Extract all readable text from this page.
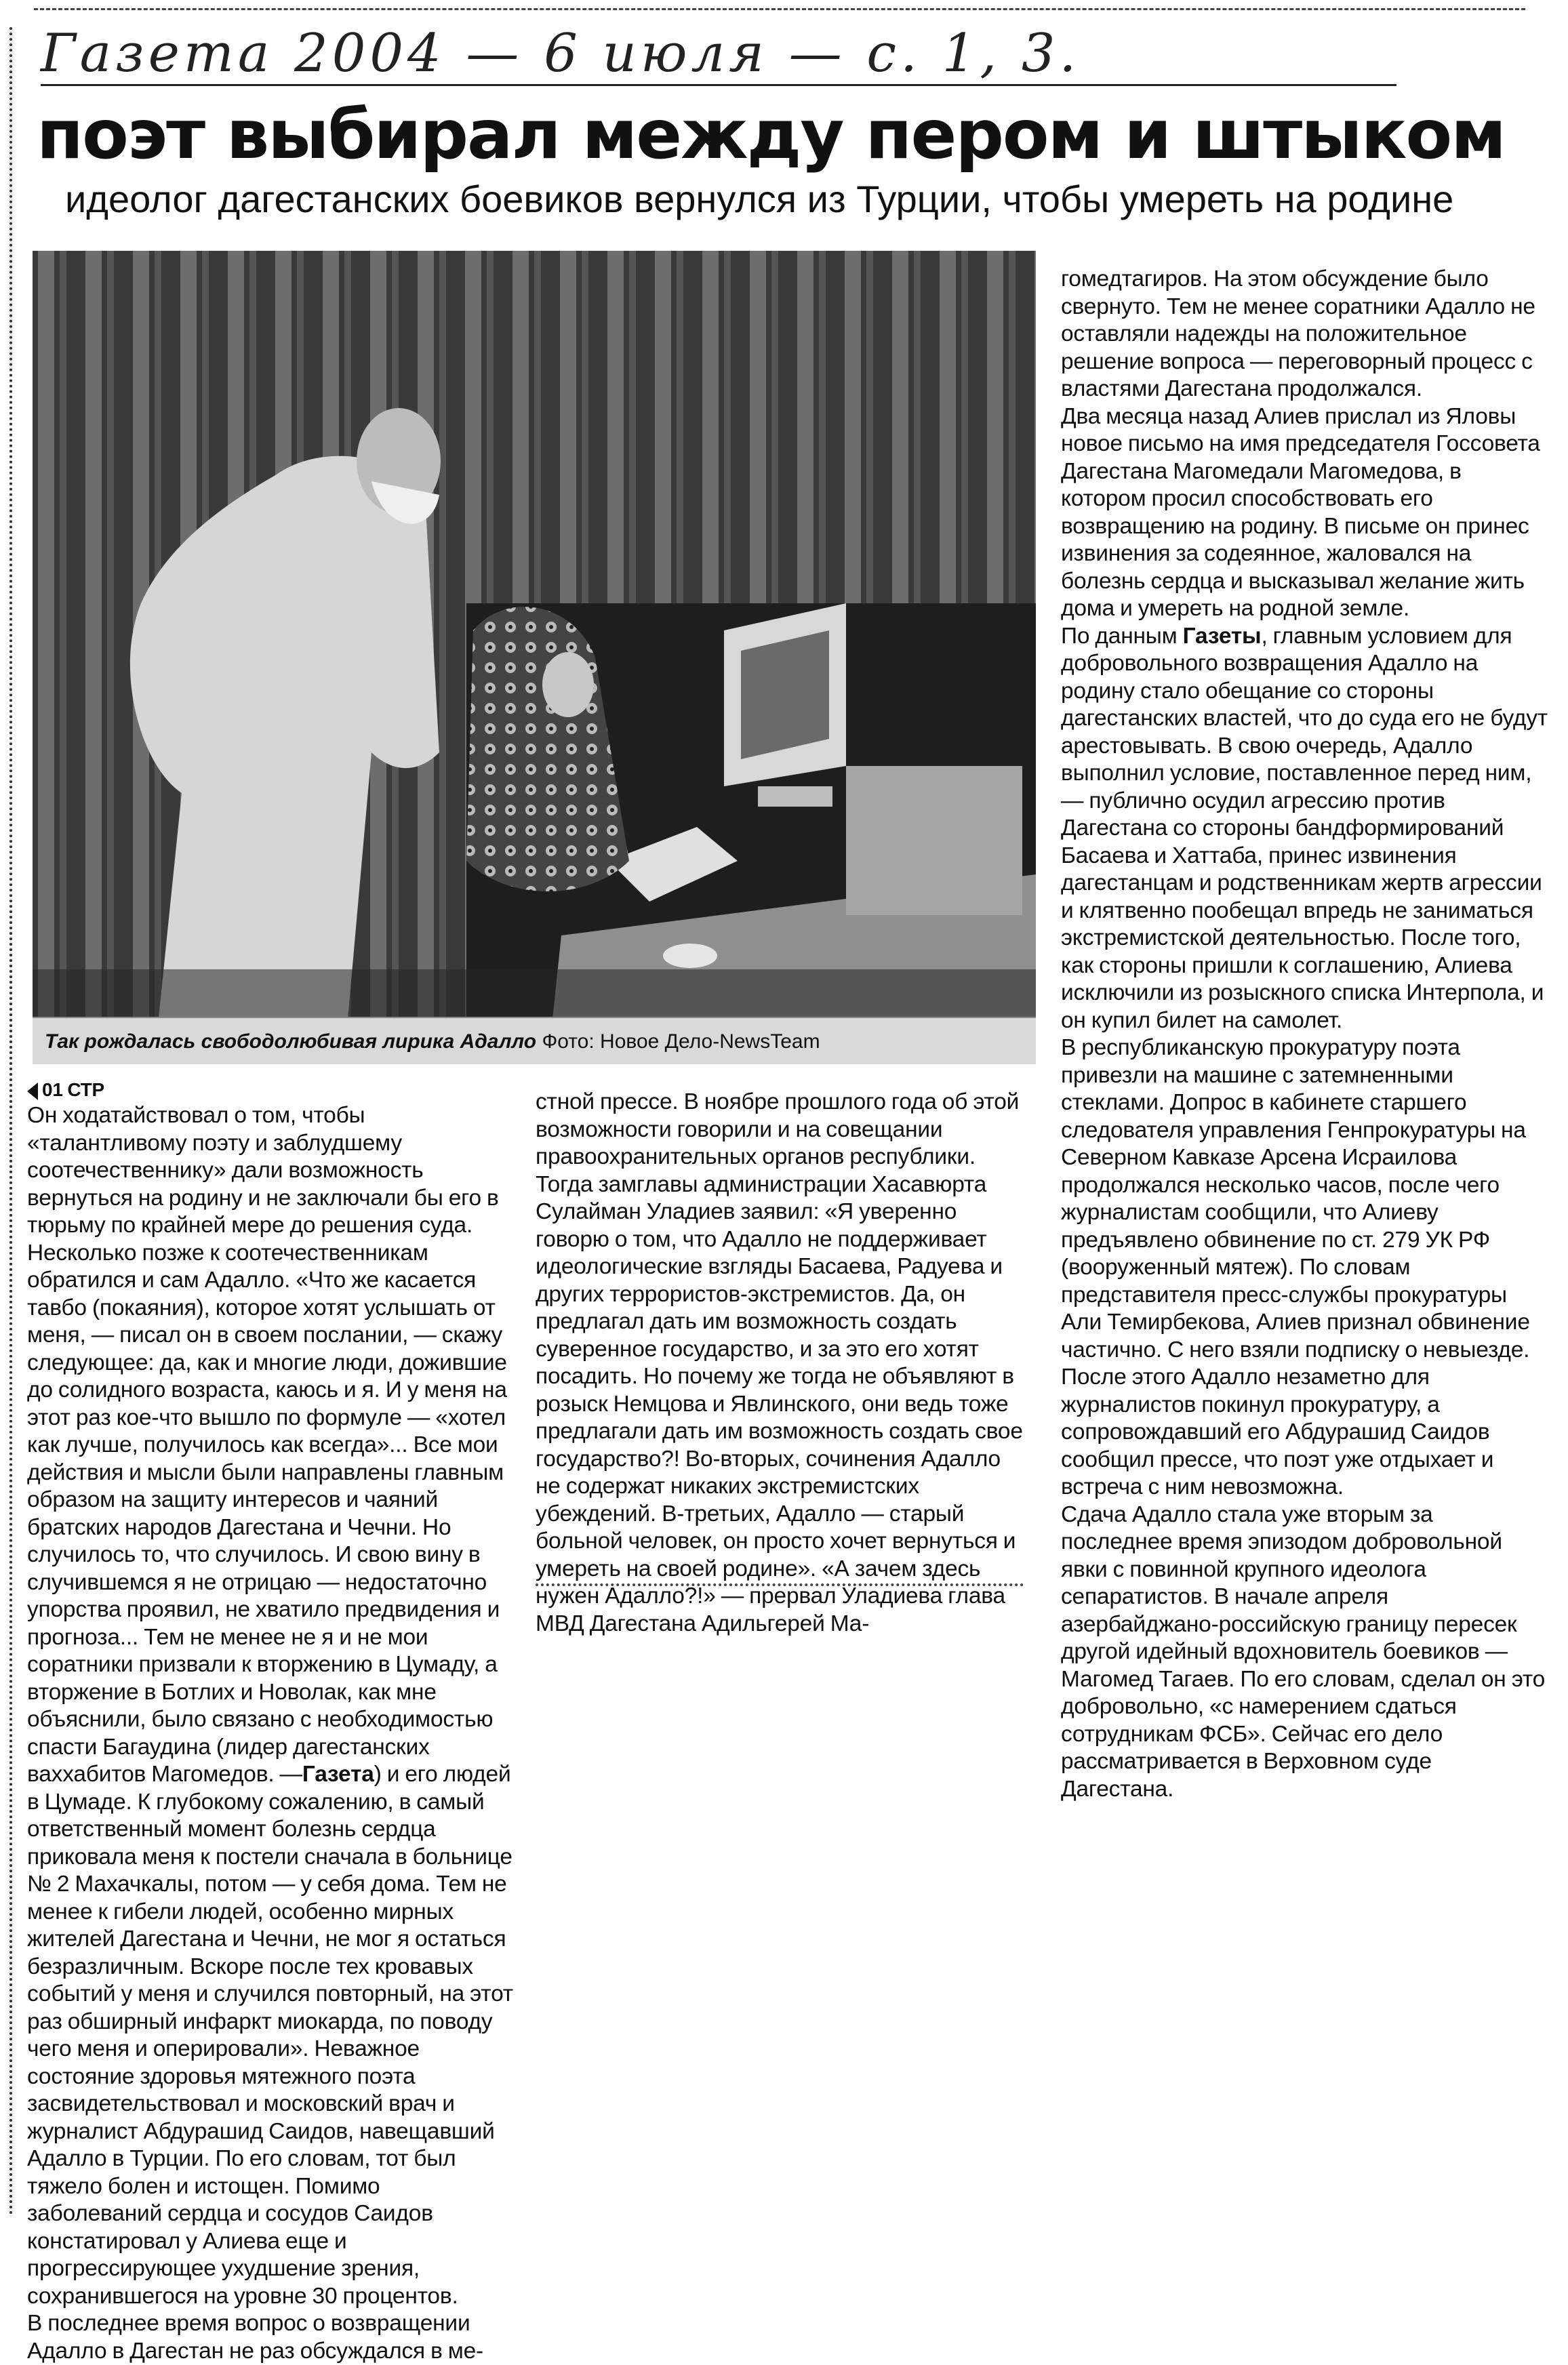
Газета 2004 — 6 июля — с. 1, 3.
поэт выбирал между пером и штыком
идеолог дагестанских боевиков вернулся из Турции, чтобы умереть на родине
Так рождалась свободолюбивая лирика Адалло Фото: Новое Дело-NewsTeam
01 СТР

Он ходатайствовал о том, чтобы «талантливому поэту и заблудшему соотечественнику» дали возможность вернуться на родину и не заключали бы его в тюрьму по крайней мере до решения суда. Несколько позже к соотечественникам обратился и сам Адалло. «Что же касается тавбо (покаяния), которое хотят услышать от меня, — писал он в своем послании, — скажу следующее: да, как и многие люди, дожившие до солидного возраста, каюсь и я. И у меня на этот раз кое-что вышло по формуле — «хотел как лучше, получилось как всегда»... Все мои действия и мысли были направлены главным образом на защиту интересов и чаяний братских народов Дагестана и Чечни. Но случилось то, что случилось. И свою вину в случившемся я не отрицаю — недостаточно упорства проявил, не хватило предвидения и прогноза... Тем не менее не я и не мои соратники призвали к вторжению в Цумаду, а вторжение в Ботлих и Новолак, как мне объяснили, было связано с необходимостью спасти Багаудина (лидер дагестанских ваххабитов Магомедов. —Газета) и его людей в Цумаде. К глубокому сожалению, в самый ответственный момент болезнь сердца приковала меня к постели сначала в больнице № 2 Махачкалы, потом — у себя дома. Тем не менее к гибели людей, особенно мирных жителей Дагестана и Чечни, не мог я остаться безразличным. Вскоре после тех кровавых событий у меня и случился повторный, на этот раз обширный инфаркт миокарда, по поводу чего меня и оперировали». Неважное состояние здоровья мятежного поэта засвидетельствовал и московский врач и журналист Абдурашид Саидов, навещавший Адалло в Турции. По его словам, тот был тяжело болен и истощен. Помимо заболеваний сердца и сосудов Саидов констатировал у Алиева еще и прогрессирующее ухудшение зрения, сохранившегося на уровне 30 процентов.

В последнее время вопрос о возвращении Адалло в Дагестан не раз обсуждался в ме-

стной прессе. В ноябре прошлого года об этой возможности говорили и на совещании правоохранительных органов республики. Тогда замглавы администрации Хасавюрта Сулайман Уладиев заявил: «Я уверенно говорю о том, что Адалло не поддерживает идеологические взгляды Басаева, Радуева и других террористов-экстремистов. Да, он предлагал дать им возможность создать суверенное государство, и за это его хотят посадить. Но почему же тогда не объявляют в розыск Немцова и Явлинского, они ведь тоже предлагали дать им возможность создать свое государство?! Во-вторых, сочинения Адалло не содержат никаких экстремистских убеждений. В-третьих, Адалло — старый больной человек, он просто хочет вернуться и умереть на своей родине». «А зачем здесь нужен Адалло?!» — прервал Уладиева глава МВД Дагестана Адильгерей Ма-

гомедтагиров. На этом обсуждение было свернуто. Тем не менее соратники Адалло не оставляли надежды на положительное решение вопроса — переговорный процесс с властями Дагестана продолжался.

Два месяца назад Алиев прислал из Яловы новое письмо на имя председателя Госсовета Дагестана Магомедали Магомедова, в котором просил способствовать его возвращению на родину. В письме он принес извинения за содеянное, жаловался на болезнь сердца и высказывал желание жить дома и умереть на родной земле.

По данным Газеты, главным условием для добровольного возвращения Адалло на родину стало обещание со стороны дагестанских властей, что до суда его не будут арестовывать. В свою очередь, Адалло выполнил условие, поставленное перед ним, — публично осудил агрессию против Дагестана со стороны бандформирований Басаева и Хаттаба, принес извинения дагестанцам и родственникам жертв агрессии и клятвенно пообещал впредь не заниматься экстремистской деятельностью. После того, как стороны пришли к соглашению, Алиева исключили из розыскного списка Интерпола, и он купил билет на самолет.

В республиканскую прокуратуру поэта привезли на машине с затемненными стеклами. Допрос в кабинете старшего следователя управления Генпрокуратуры на Северном Кавказе Арсена Исраилова продолжался несколько часов, после чего журналистам сообщили, что Алиеву предъявлено обвинение по ст. 279 УК РФ (вооруженный мятеж). По словам представителя пресс-службы прокуратуры Али Темирбекова, Алиев признал обвинение частично. С него взяли подписку о невыезде. После этого Адалло незаметно для журналистов покинул прокуратуру, а сопровождавший его Абдурашид Саидов сообщил прессе, что поэт уже отдыхает и встреча с ним невозможна.

Сдача Адалло стала уже вторым за последнее время эпизодом добровольной явки с повинной крупного идеолога сепаратистов. В начале апреля азербайджано-российскую границу пересек другой идейный вдохновитель боевиков — Магомед Тагаев. По его словам, сделал он это добровольно, «с намерением сдаться сотрудникам ФСБ». Сейчас его дело рассматривается в Верховном суде Дагестана.
